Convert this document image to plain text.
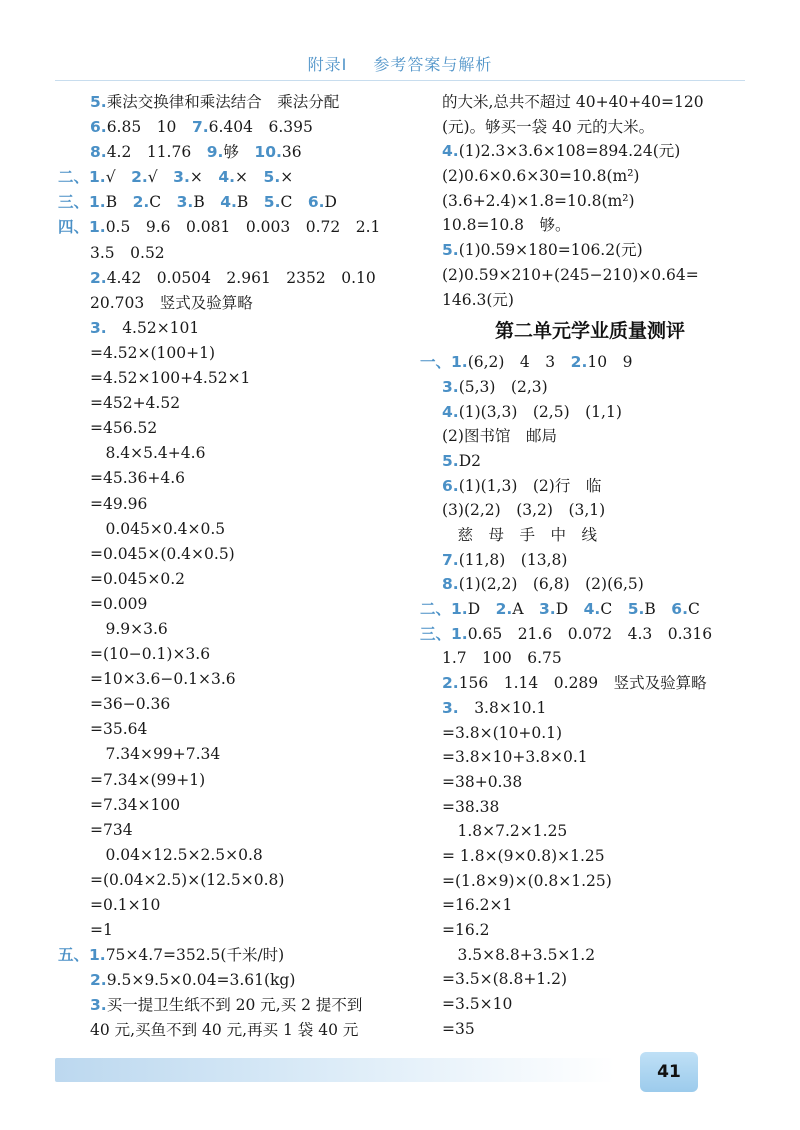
附录Ⅰ 参考答案与解析
5.乘法交换律和乘法结合　乘法分配
6.6.85　10　7.6.404　6.395
8.4.2　11.76　9.够　10.36
二、1.√　2.√　3.×　4.×　5.×
三、1.B　2.C　3.B　4.B　5.C　6.D
四、1.0.5　9.6　0.081　0.003　0.72　2.1
3.5　0.52
2.4.42　0.0504　2.961　2352　0.10
20.703　竖式及验算略
3.　4.52×101
=4.52×(100+1)
=4.52×100+4.52×1
=452+4.52
=456.52
　8.4×5.4+4.6
=45.36+4.6
=49.96
　0.045×0.4×0.5
=0.045×(0.4×0.5)
=0.045×0.2
=0.009
　9.9×3.6
=(10−0.1)×3.6
=10×3.6−0.1×3.6
=36−0.36
=35.64
　7.34×99+7.34
=7.34×(99+1)
=7.34×100
=734
　0.04×12.5×2.5×0.8
=(0.04×2.5)×(12.5×0.8)
=0.1×10
=1
五、1.75×4.7=352.5(千米/时)
2.9.5×9.5×0.04=3.61(kg)
3.买一提卫生纸不到 20 元,买 2 提不到
40 元,买鱼不到 40 元,再买 1 袋 40 元
的大米,总共不超过 40+40+40=120
(元)。够买一袋 40 元的大米。
4.(1)2.3×3.6×108=894.24(元)
(2)0.6×0.6×30=10.8(m²)
(3.6+2.4)×1.8=10.8(m²)
10.8=10.8　够。
5.(1)0.59×180=106.2(元)
(2)0.59×210+(245−210)×0.64=
146.3(元)
第二单元学业质量测评
一、1.(6,2)　4　3　2.10　9
3.(5,3)　(2,3)
4.(1)(3,3)　(2,5)　(1,1)
(2)图书馆　邮局
5.D2
6.(1)(1,3)　(2)行　临
(3)(2,2)　(3,2)　(3,1)
　慈　母　手　中　线
7.(11,8)　(13,8)
8.(1)(2,2)　(6,8)　(2)(6,5)
二、1.D　2.A　3.D　4.C　5.B　6.C
三、1.0.65　21.6　0.072　4.3　0.316
1.7　100　6.75
2.156　1.14　0.289　竖式及验算略
3.　3.8×10.1
=3.8×(10+0.1)
=3.8×10+3.8×0.1
=38+0.38
=38.38
　1.8×7.2×1.25
= 1.8×(9×0.8)×1.25
=(1.8×9)×(0.8×1.25)
=16.2×1
=16.2
　3.5×8.8+3.5×1.2
=3.5×(8.8+1.2)
=3.5×10
=35
41
